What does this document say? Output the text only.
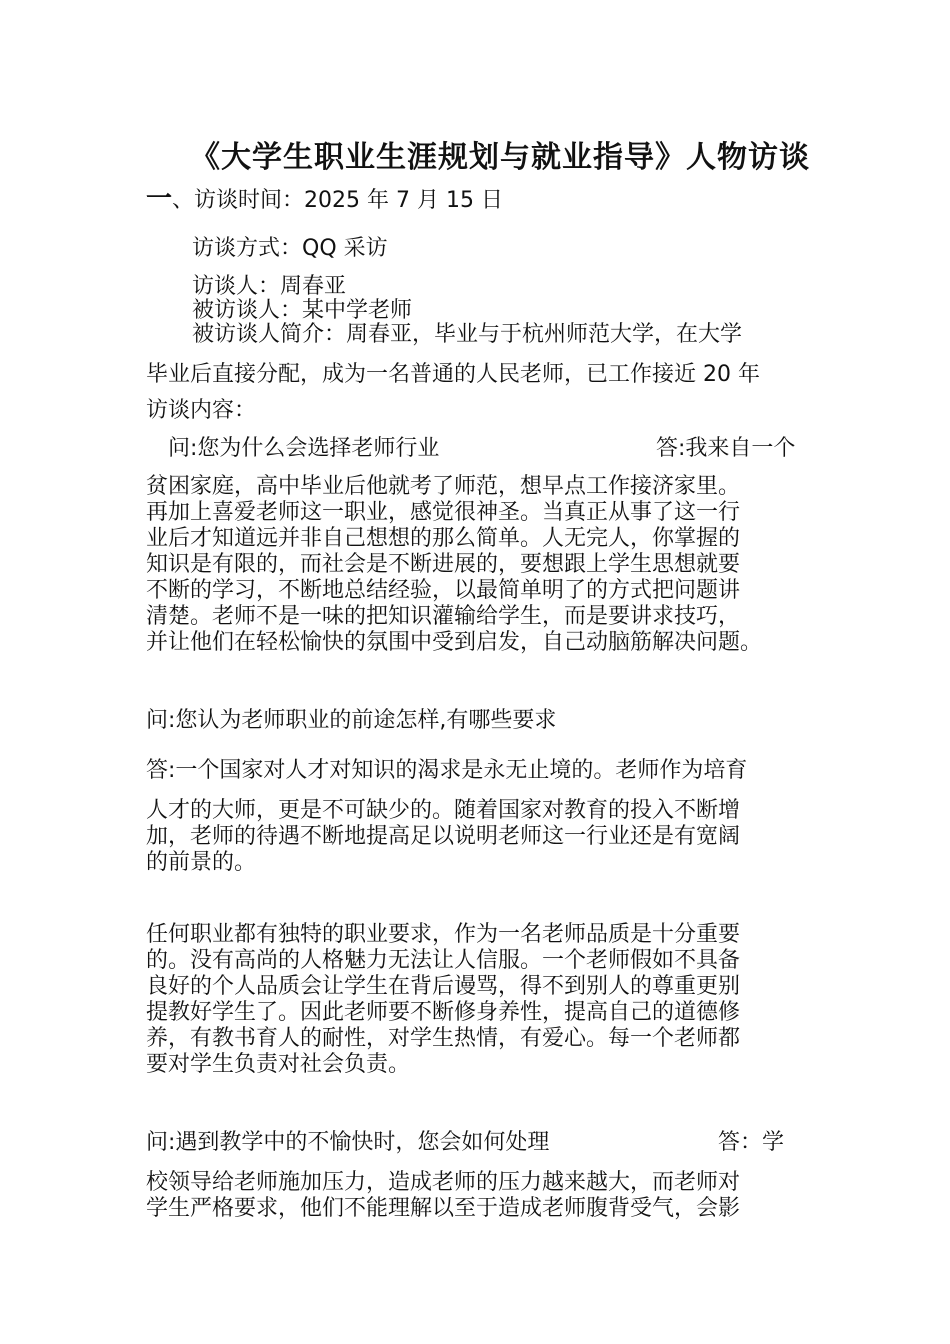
《大学生职业生涯规划与就业指导》人物访谈
一、访谈时间：2025 年 7 月 15 日
访谈方式：QQ 采访
访谈人：周春亚
被访谈人：某中学老师
被访谈人简介：周春亚，毕业与于杭州师范大学，在大学
毕业后直接分配，成为一名普通的人民老师，已工作接近 20 年
访谈内容：
问:您为什么会选择老师行业	答:我来自一个
贫困家庭，高中毕业后他就考了师范，想早点工作接济家里。
再加上喜爱老师这一职业，感觉很神圣。当真正从事了这一行
业后才知道远并非自己想想的那么简单。人无完人，你掌握的
知识是有限的，而社会是不断进展的，要想跟上学生思想就要
不断的学习，不断地总结经验，以最简单明了的方式把问题讲
清楚。老师不是一味的把知识灌输给学生，而是要讲求技巧，
并让他们在轻松愉快的氛围中受到启发，自己动脑筋解决问题。
问:您认为老师职业的前途怎样,有哪些要求
答:一个国家对人才对知识的渴求是永无止境的。老师作为培育
人才的大师，更是不可缺少的。随着国家对教育的投入不断增
加，老师的待遇不断地提高足以说明老师这一行业还是有宽阔
的前景的。
任何职业都有独特的职业要求，作为一名老师品质是十分重要
的。没有高尚的人格魅力无法让人信服。一个老师假如不具备
良好的个人品质会让学生在背后谩骂，得不到别人的尊重更别
提教好学生了。因此老师要不断修身养性，提高自己的道德修
养，有教书育人的耐性，对学生热情，有爱心。每一个老师都
要对学生负责对社会负责。
问:遇到教学中的不愉快时，您会如何处理	答：学
校领导给老师施加压力，造成老师的压力越来越大，而老师对
学生严格要求，他们不能理解以至于造成老师腹背受气，会影
